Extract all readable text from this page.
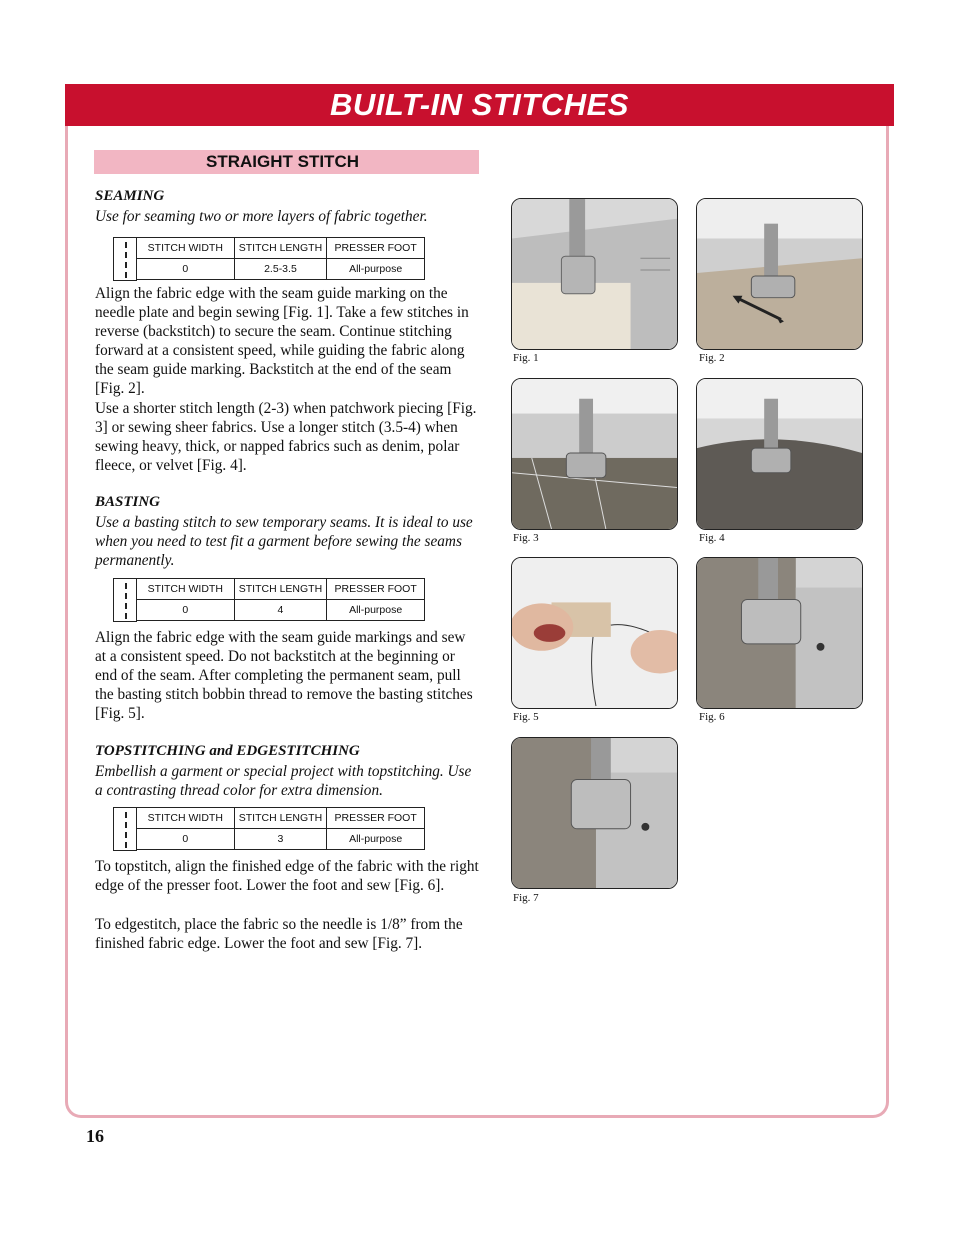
BUILT-IN STITCHES
STRAIGHT STITCH
SEAMING
Use for seaming two or more layers of fabric together.
STITCH WIDTH	STITCH LENGTH	PRESSER FOOT
0	2.5-3.5	All-purpose
Align the fabric edge with the seam guide marking on the needle plate and begin sewing [Fig. 1]. Take a few stitches in reverse (backstitch) to secure the seam. Continue stitching forward at a consistent speed, while guiding the fabric along the seam guide marking. Backstitch at the end of the seam [Fig. 2].
Use a shorter stitch length (2-3) when patchwork piecing [Fig. 3] or sewing sheer fabrics. Use a longer stitch (3.5-4) when sewing heavy, thick, or napped fabrics such as denim, polar fleece, or velvet [Fig. 4].
BASTING
Use a basting stitch to sew temporary seams. It is ideal to use when you need to test fit a garment before sewing the seams permanently.
STITCH WIDTH	STITCH LENGTH	PRESSER FOOT
0	4	All-purpose
Align the fabric edge with the seam guide markings and sew at a consistent speed. Do not backstitch at the beginning or end of the seam. After completing the permanent seam, pull the basting stitch bobbin thread to remove the basting stitches [Fig. 5].
TOPSTITCHING and EDGESTITCHING
Embellish a garment or special project with topstitching. Use a contrasting thread color for extra dimension.
STITCH WIDTH	STITCH LENGTH	PRESSER FOOT
0	3	All-purpose
To topstitch, align the finished edge of the fabric with the right edge of the presser foot. Lower the foot and sew [Fig. 6].
To edgestitch, place the fabric so the needle is 1/8” from the finished fabric edge. Lower the foot and sew [Fig. 7].
Fig. 1	Fig. 2
Fig. 3	Fig. 4
Fig. 5	Fig. 6
Fig. 7
16
